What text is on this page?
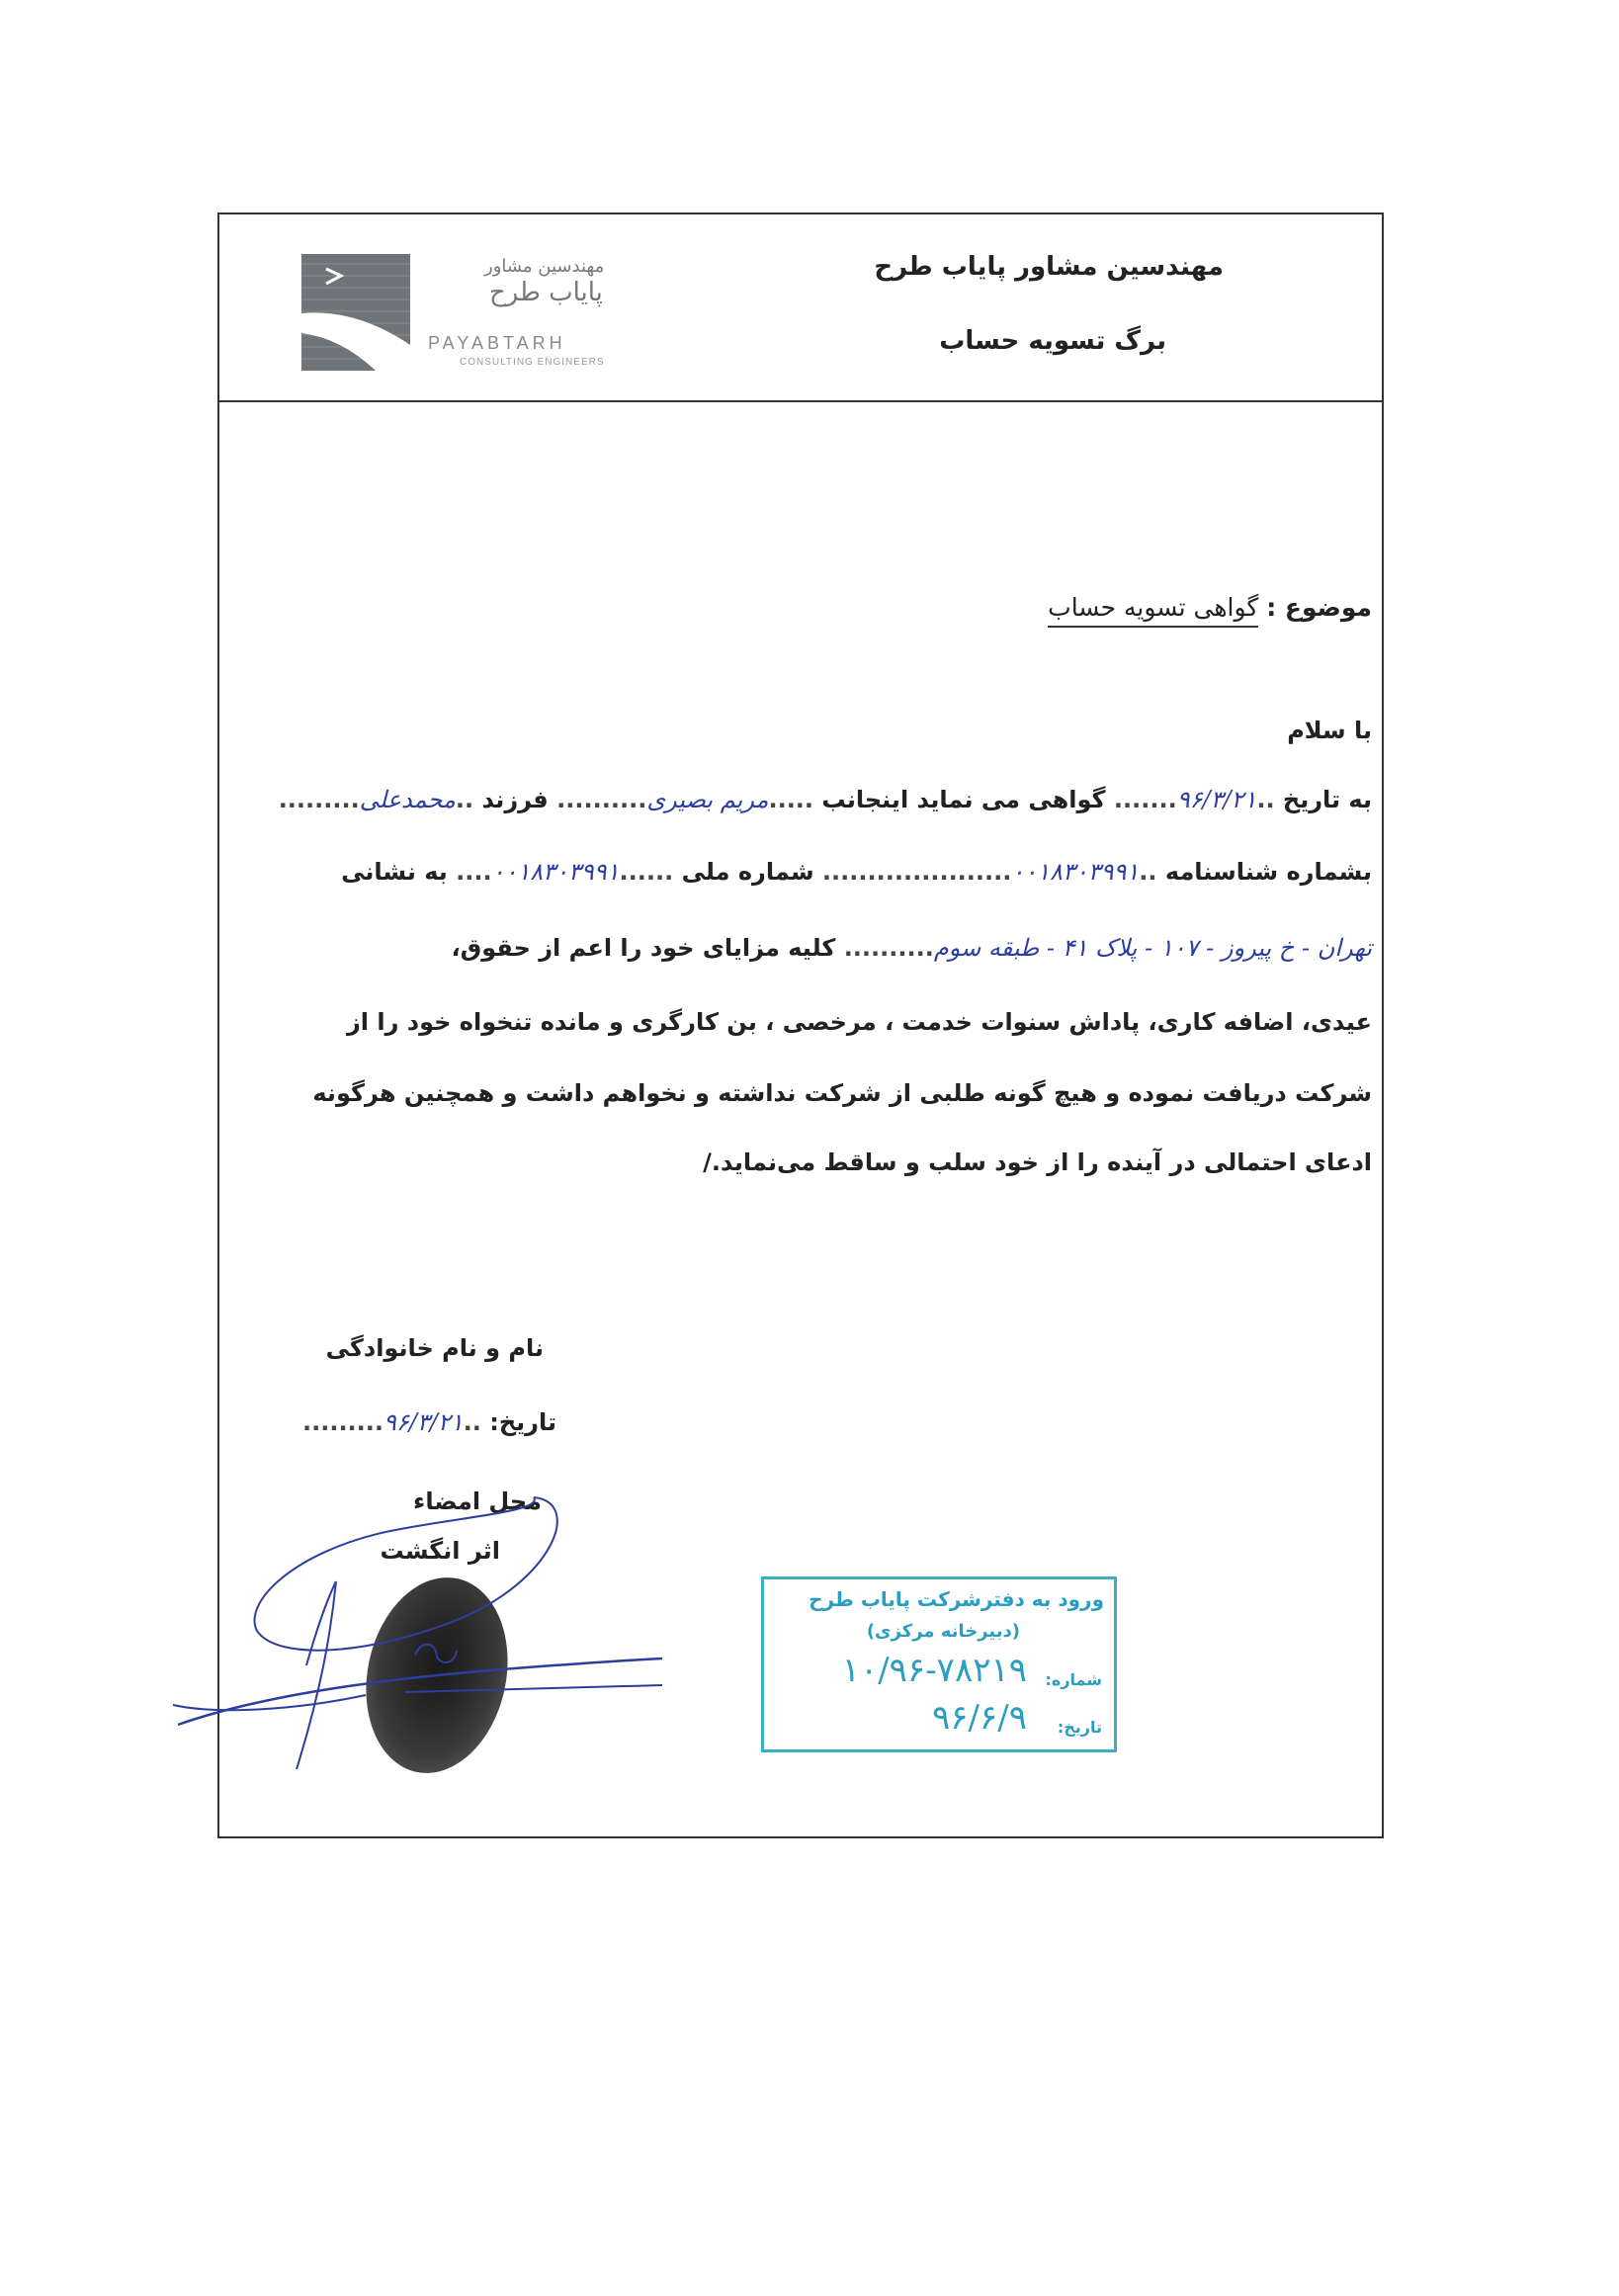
مهندسین مشاور
پایاب طرح
PAYABTARH
CONSULTING ENGINEERS
مهندسین مشاور پایاب طرح
برگ تسویه حساب
موضوع : گواهی تسویه حساب
با سلام
به تاریخ ..۹۶/۳/۲۱....... گواهی می نماید اینجانب .....مریم بصیری.......... فرزند ..محمدعلی.........
بشماره شناسنامه ..۰۰۱۸۳۰۳۹۹۱..................... شماره ملی ......۰۰۱۸۳۰۳۹۹۱.... به نشانی
تهران - خ پیروز - ۱۰۷ - پلاک ۴۱ - طبقه سوم.......... کلیه مزایای خود را اعم از حقوق،
عیدی، اضافه کاری، پاداش سنوات خدمت ، مرخصی ، بن کارگری و مانده تنخواه خود را از
شرکت دریافت نموده و هیچ گونه طلبی از شرکت نداشته و نخواهم داشت و همچنین هرگونه
ادعای احتمالی در آینده را از خود سلب و ساقط می‌نماید./
نام و نام خانوادگی
تاریخ: ..۹۶/۳/۲۱.........
محل امضاء
اثر انگشت
ورود به دفترشرکت پایاب طرح
(دبیرخانه مرکزی)
شماره:
۱۰/۹۶-۷۸۲۱۹
تاریخ:
۹۶/۶/۹
